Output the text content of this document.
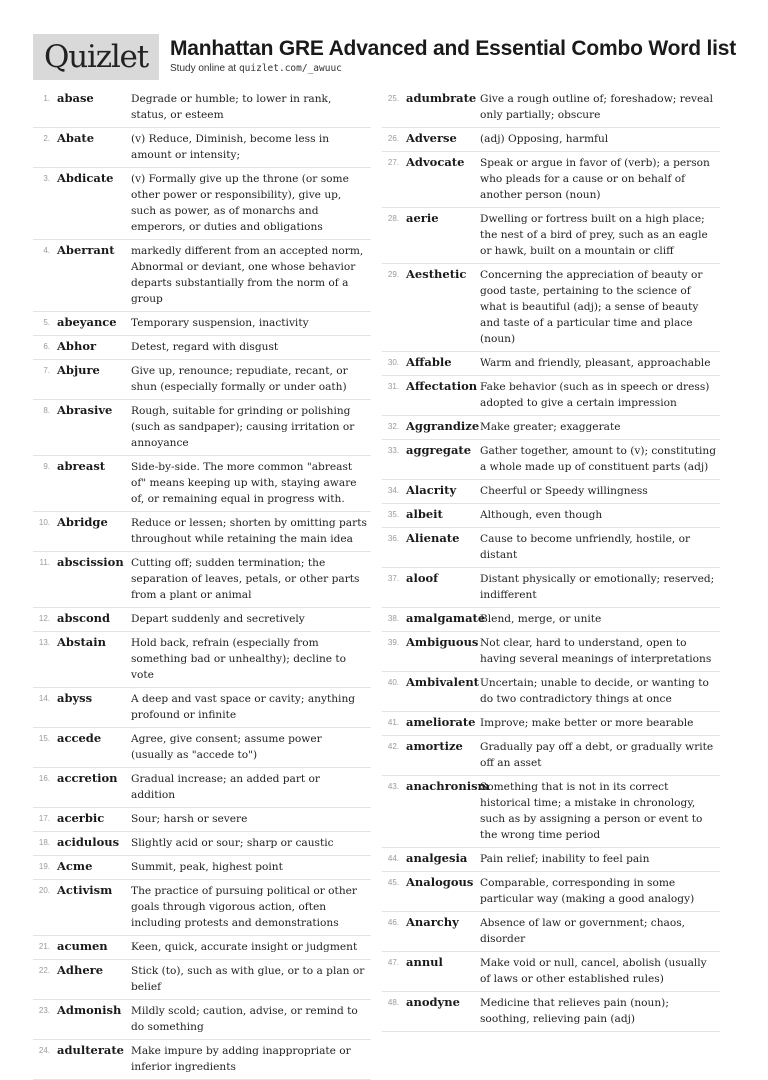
Quizlet Manhattan GRE Advanced and Essential Combo Word list
Study online at quizlet.com/_awuuc
1. abase	Degrade or humble; to lower in rank, status, or esteem
2. Abate	(v) Reduce, Diminish, become less in amount or intensity;
3. Abdicate	(v) Formally give up the throne (or some other power or responsibility), give up, such as power, as of monarchs and emperors, or duties and obligations
4. Aberrant	markedly different from an accepted norm, Abnormal or deviant, one whose behavior departs substantially from the norm of a group
5. abeyance	Temporary suspension, inactivity
6. Abhor	Detest, regard with disgust
7. Abjure	Give up, renounce; repudiate, recant, or shun (especially formally or under oath)
8. Abrasive	Rough, suitable for grinding or polishing (such as sandpaper); causing irritation or annoyance
9. abreast	Side-by-side. The more common "abreast of" means keeping up with, staying aware of, or remaining equal in progress with.
10. Abridge	Reduce or lessen; shorten by omitting parts throughout while retaining the main idea
11. abscission Cutting off; sudden termination; the separation of leaves, petals, or other parts from a plant or animal
12. abscond	Depart suddenly and secretively
13. Abstain	Hold back, refrain (especially from something bad or unhealthy); decline to vote
14. abyss	A deep and vast space or cavity; anything profound or infinite
15. accede	Agree, give consent; assume power (usually as "accede to")
16. accretion	Gradual increase; an added part or addition
17. acerbic	Sour; harsh or severe
18. acidulous	Slightly acid or sour; sharp or caustic
19. Acme	Summit, peak, highest point
20. Activism	The practice of pursuing political or other goals through vigorous action, often including protests and demonstrations
21. acumen	Keen, quick, accurate insight or judgment
22. Adhere	Stick (to), such as with glue, or to a plan or belief
23. Admonish Mildly scold; caution, advise, or remind to do something
24. adulterate Make impure by adding inappropriate or inferior ingredients
25. adumbrate Give a rough outline of; foreshadow; reveal only partially; obscure
26. Adverse	(adj) Opposing, harmful
27. Advocate	Speak or argue in favor of (verb); a person who pleads for a cause or on behalf of another person (noun)
28. aerie	Dwelling or fortress built on a high place; the nest of a bird of prey, such as an eagle or hawk, built on a mountain or cliff
29. Aesthetic	Concerning the appreciation of beauty or good taste, pertaining to the science of what is beautiful (adj); a sense of beauty and taste of a particular time and place (noun)
30. Affable	Warm and friendly, pleasant, approachable
31. Affectation Fake behavior (such as in speech or dress) adopted to give a certain impression
32. Aggrandize Make greater; exaggerate
33. aggregate Gather together, amount to (v); constituting a whole made up of constituent parts (adj)
34. Alacrity	Cheerful or Speedy willingness
35. albeit	Although, even though
36. Alienate	Cause to become unfriendly, hostile, or distant
37. aloof	Distant physically or emotionally; reserved; indifferent
38. amalgamate
Blend, merge, or unite
39. Ambiguous Not clear, hard to understand, open to having several meanings of interpretations
40. Ambivalent Uncertain; unable to decide, or wanting to do two contradictory things at once
41. ameliorate Improve; make better or more bearable
42. amortize	Gradually pay off a debt, or gradually write off an asset
43. anachronism
Something that is not in its correct historical time; a mistake in chronology, such as by assigning a person or event to the wrong time period
44. analgesia	Pain relief; inability to feel pain
45. Analogous Comparable, corresponding in some particular way (making a good analogy)
46. Anarchy	Absence of law or government; chaos, disorder
47. annul	Make void or null, cancel, abolish (usually of laws or other established rules)
48. anodyne	Medicine that relieves pain (noun); soothing, relieving pain (adj)
